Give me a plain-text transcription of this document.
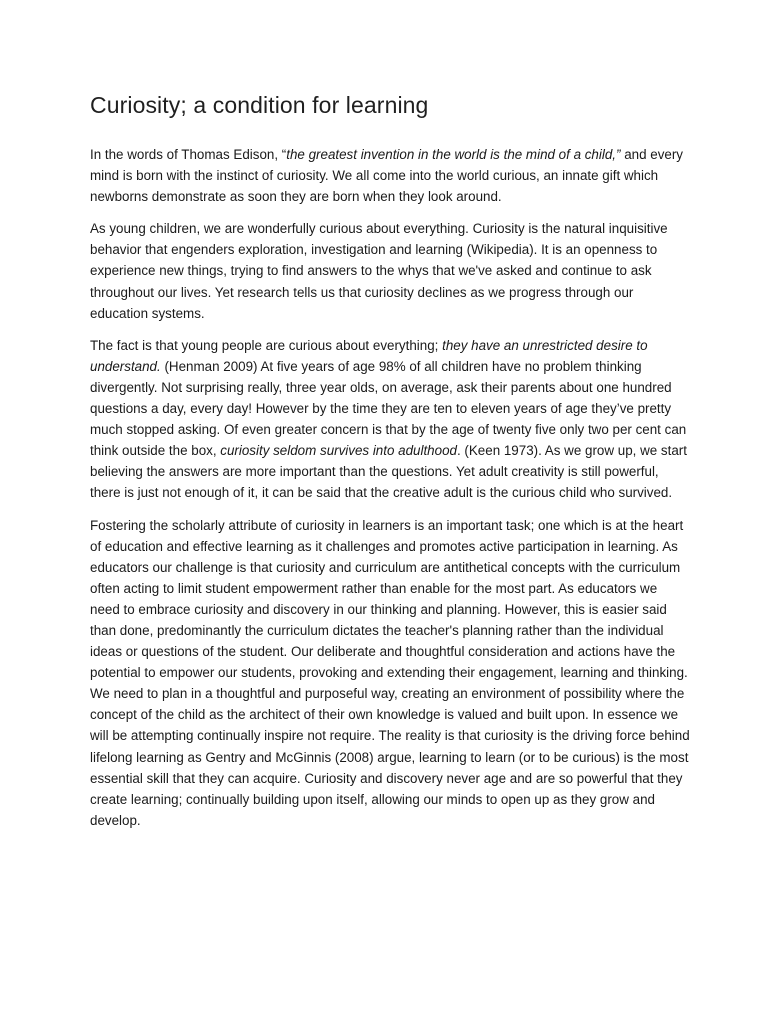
Curiosity; a condition for learning

In the words of Thomas Edison, “the greatest invention in the world is the mind of a child,” and every mind is born with the instinct of curiosity. We all come into the world curious, an innate gift which newborns demonstrate as soon they are born when they look around.

As young children, we are wonderfully curious about everything. Curiosity is the natural inquisitive behavior that engenders exploration, investigation and learning (Wikipedia). It is an openness to experience new things, trying to find answers to the whys that we've asked and continue to ask throughout our lives. Yet research tells us that curiosity declines as we progress through our education systems.

The fact is that young people are curious about everything; they have an unrestricted desire to understand. (Henman 2009) At five years of age 98% of all children have no problem thinking divergently. Not surprising really, three year olds, on average, ask their parents about one hundred questions a day, every day! However by the time they are ten to eleven years of age they’ve pretty much stopped asking. Of even greater concern is that by the age of twenty five only two per cent can think outside the box, curiosity seldom survives into adulthood. (Keen 1973). As we grow up, we start believing the answers are more important than the questions. Yet adult creativity is still powerful, there is just not enough of it, it can be said that the creative adult is the curious child who survived.

Fostering the scholarly attribute of curiosity in learners is an important task; one which is at the heart of education and effective learning as it challenges and promotes active participation in learning. As educators our challenge is that curiosity and curriculum are antithetical concepts with the curriculum often acting to limit student empowerment rather than enable for the most part. As educators we need to embrace curiosity and discovery in our thinking and planning. However, this is easier said than done, predominantly the curriculum dictates the teacher's planning rather than the individual ideas or questions of the student. Our deliberate and thoughtful consideration and actions have the potential to empower our students, provoking and extending their engagement, learning and thinking. We need to plan in a thoughtful and purposeful way, creating an environment of possibility where the concept of the child as the architect of their own knowledge is valued and built upon. In essence we will be attempting continually inspire not require. The reality is that curiosity is the driving force behind lifelong learning as Gentry and McGinnis (2008) argue, learning to learn (or to be curious) is the most essential skill that they can acquire. Curiosity and discovery never age and are so powerful that they create learning; continually building upon itself, allowing our minds to open up as they grow and develop.
